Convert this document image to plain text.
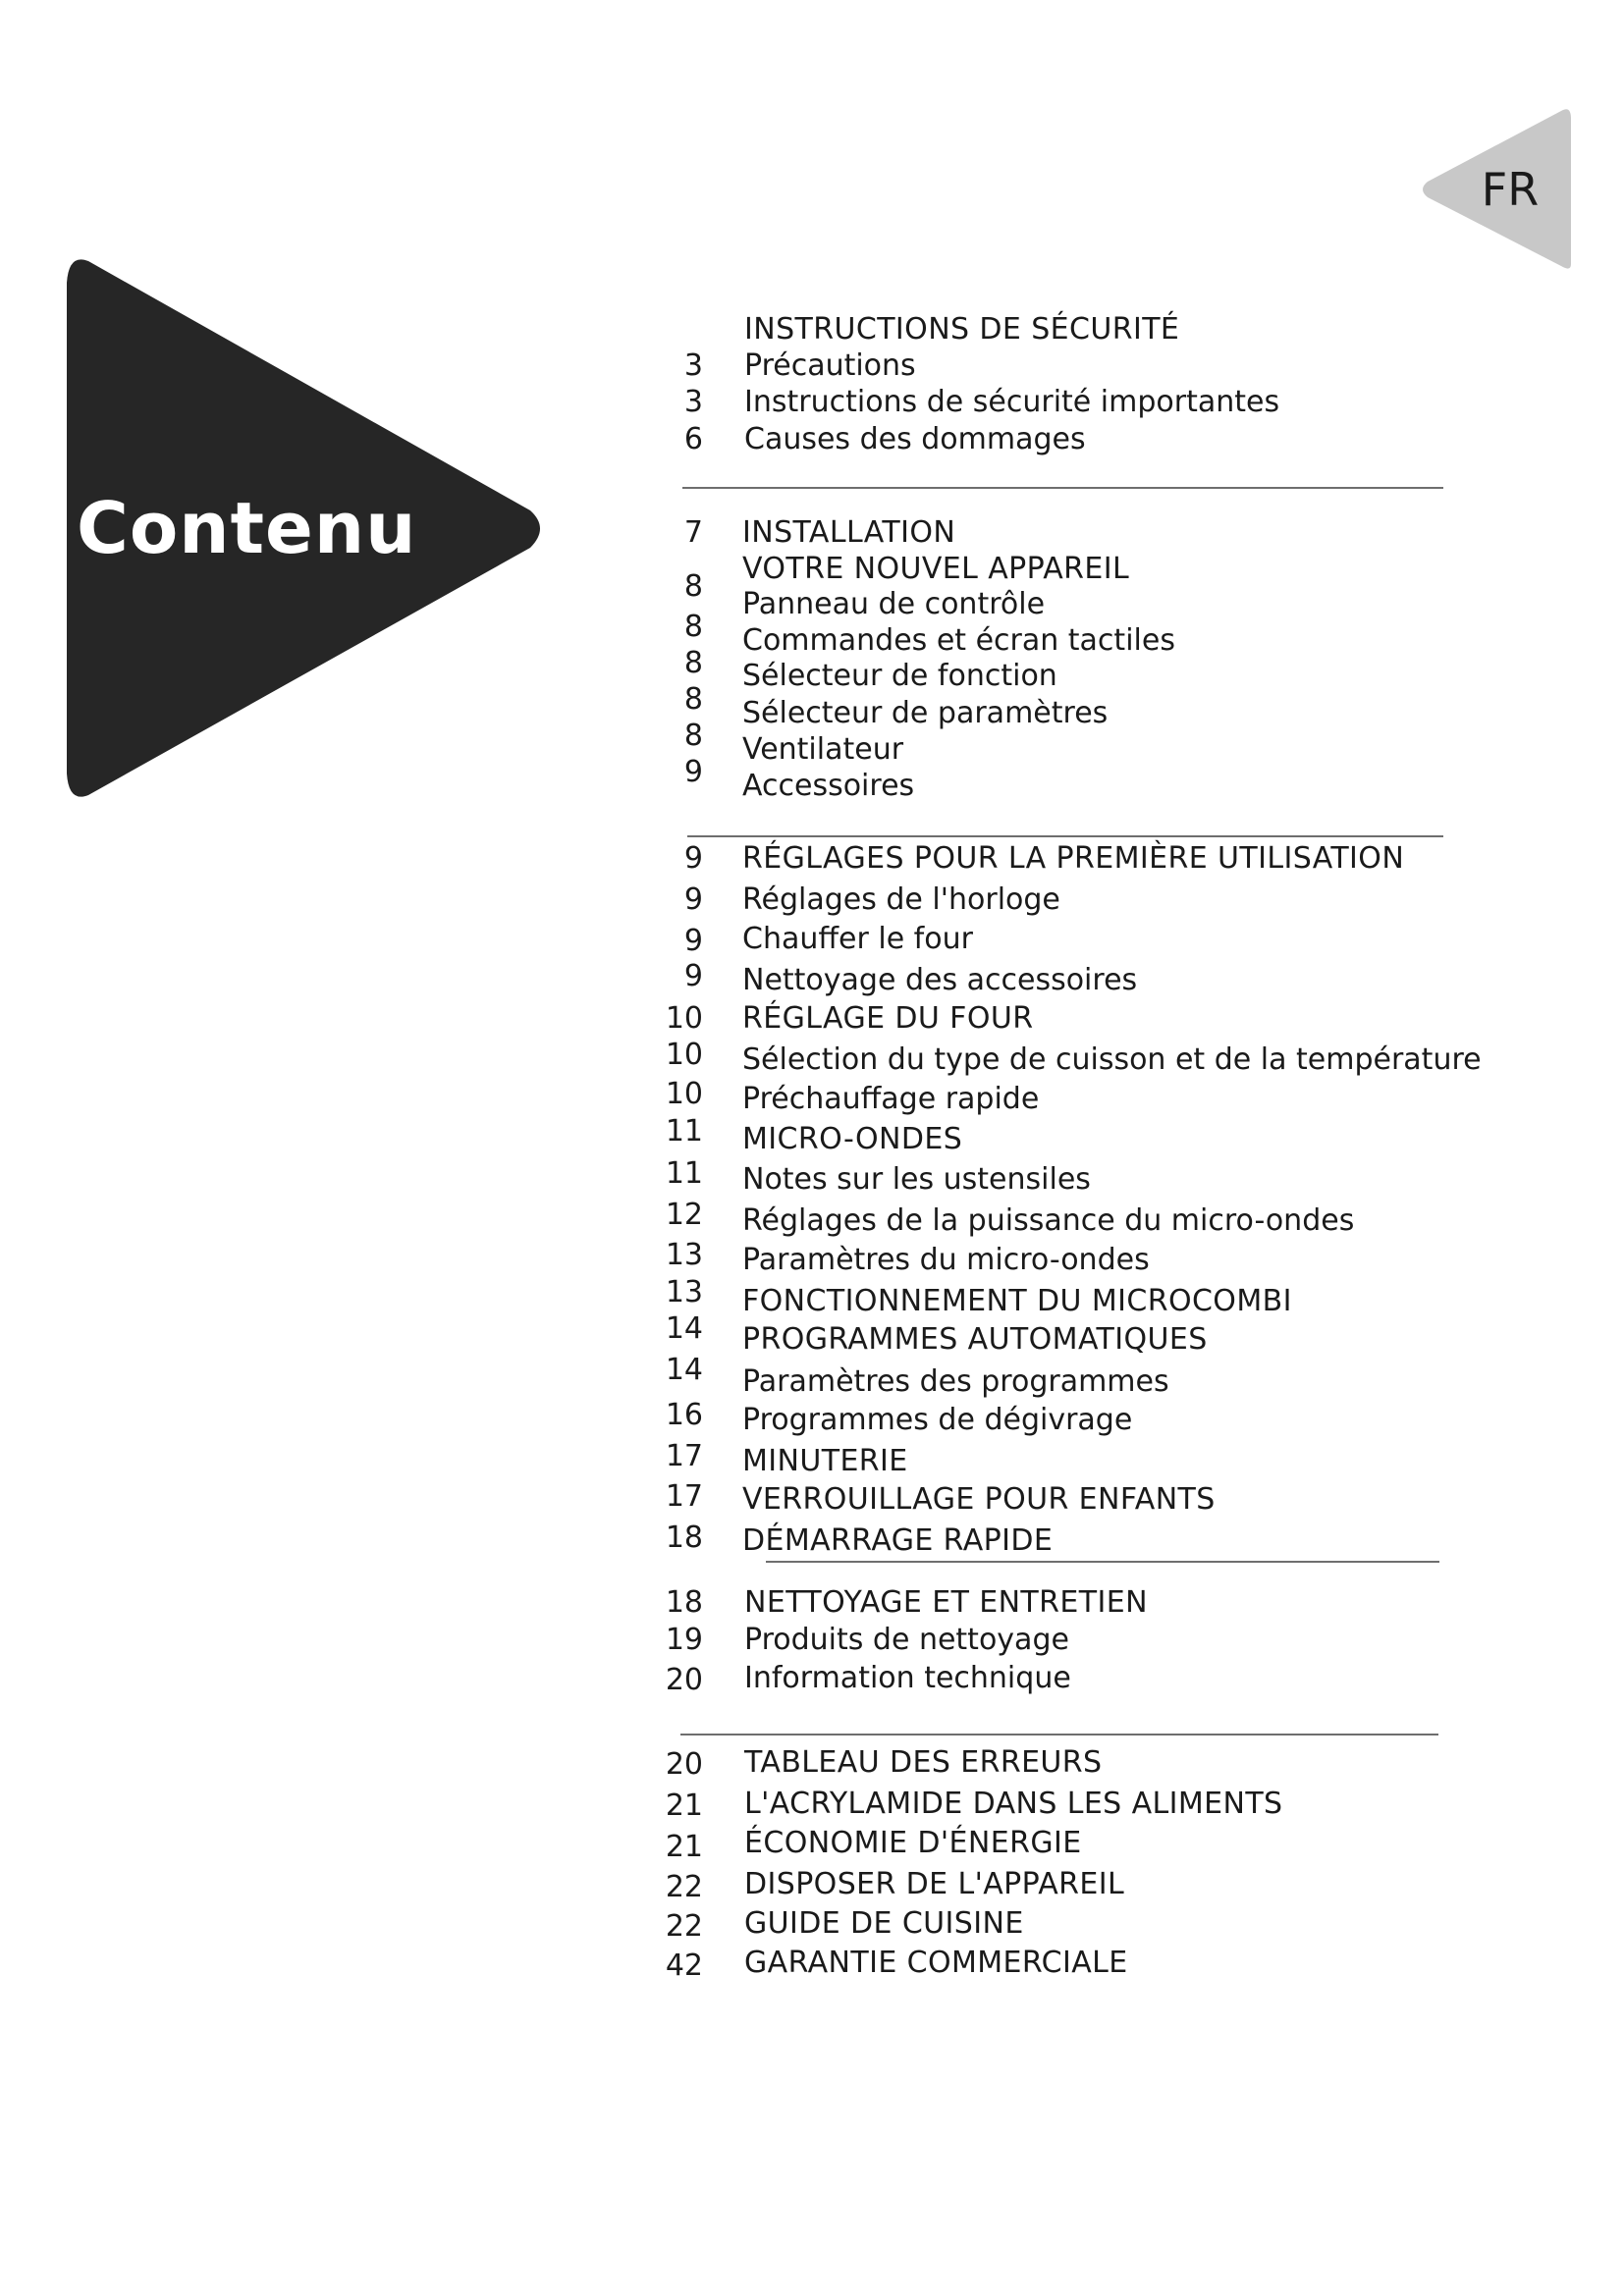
FR
Contenu
INSTRUCTIONS DE SÉCURITÉ
3 Précautions
3 Instructions de sécurité importantes
6 Causes des dommages
7 INSTALLATION
8
VOTRE NOUVEL APPAREIL
8
Panneau de contrôle
8
Commandes et écran tactiles
8
Sélecteur de fonction
8
Sélecteur de paramètres
9
Ventilateur
Accessoires
9 RÉGLAGES POUR LA PREMIÈRE UTILISATION
9 Réglages de l'horloge
9 Chauffer le four
9 Nettoyage des accessoires
10 RÉGLAGE DU FOUR
10 Sélection du type de cuisson et de la température
10 Préchauffage rapide
11 MICRO-ONDES
11 Notes sur les ustensiles
12 Réglages de la puissance du micro-ondes
13 Paramètres du micro-ondes
13 FONCTIONNEMENT DU MICROCOMBI
14 PROGRAMMES AUTOMATIQUES
14 Paramètres des programmes
16 Programmes de dégivrage
17 MINUTERIE
17 VERROUILLAGE POUR ENFANTS
18 DÉMARRAGE RAPIDE
18 NETTOYAGE ET ENTRETIEN
19 Produits de nettoyage
20 Information technique
20 TABLEAU DES ERREURS
21 L'ACRYLAMIDE DANS LES ALIMENTS
21 ÉCONOMIE D'ÉNERGIE
22 DISPOSER DE L'APPAREIL
22 GUIDE DE CUISINE
42 GARANTIE COMMERCIALE
